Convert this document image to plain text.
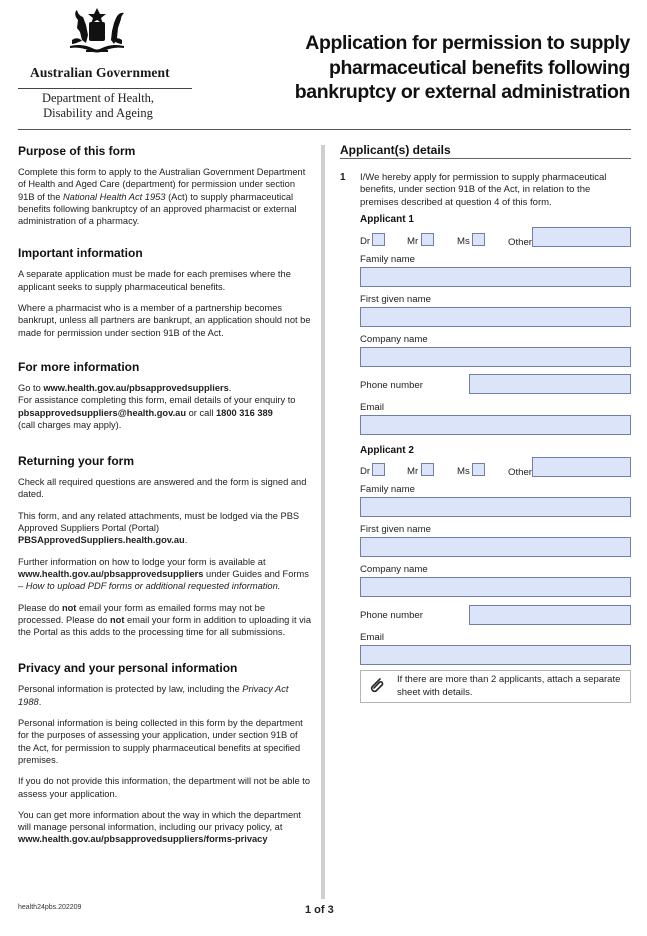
Australian Government
Department of Health,
Disability and Ageing
Application for permission to supply
pharmaceutical benefits following
bankruptcy or external administration
Purpose of this form

Complete this form to apply to the Australian Government Department of Health and Aged Care (department) for permission under section 91B of the National Health Act 1953 (Act) to supply pharmaceutical benefits following bankruptcy of an approved pharmacist or external administration of a pharmacy.

Important information

A separate application must be made for each premises where the applicant seeks to supply pharmaceutical benefits.

Where a pharmacist who is a member of a partnership becomes bankrupt, unless all partners are bankrupt, an application should not be made for permission under section 91B of the Act.

For more information

Go to www.health.gov.au/pbsapprovedsuppliers.
For assistance completing this form, email details of your enquiry to pbsapprovedsuppliers@health.gov.au or call 1800 316 389
(call charges may apply).

Returning your form

Check all required questions are answered and the form is signed and dated.

This form, and any related attachments, must be lodged via the PBS Approved Suppliers Portal (Portal)
PBSApprovedSuppliers.health.gov.au.

Further information on how to lodge your form is available at www.health.gov.au/pbsapprovedsuppliers under Guides and Forms – How to upload PDF forms or additional requested information.

Please do not email your form as emailed forms may not be processed. Please do not email your form in addition to uploading it via the Portal as this adds to the processing time for all submissions.

Privacy and your personal information

Personal information is protected by law, including the Privacy Act 1988.

Personal information is being collected in this form by the department for the purposes of assessing your application, under section 91B of the Act, for permission to supply pharmaceutical benefits at specified premises.

If you do not provide this information, the department will not be able to assess your application.

You can get more information about the way in which the department will manage personal information, including our privacy policy, at
www.health.gov.au/pbsapprovedsuppliers/forms-privacy

Applicant(s) details
1 I/We hereby apply for permission to supply pharmaceutical benefits, under section 91B of the Act, in relation to the premises described at question 4 of this form.
Applicant 1
Dr	Mr	Ms	Other
Family name
First given name
Company name
Phone number
Email
Applicant 2
Dr	Mr	Ms	Other
Family name
First given name
Company name
Phone number
Email
If there are more than 2 applicants, attach a separate sheet with details.
health24pbs.202209	1 of 3
